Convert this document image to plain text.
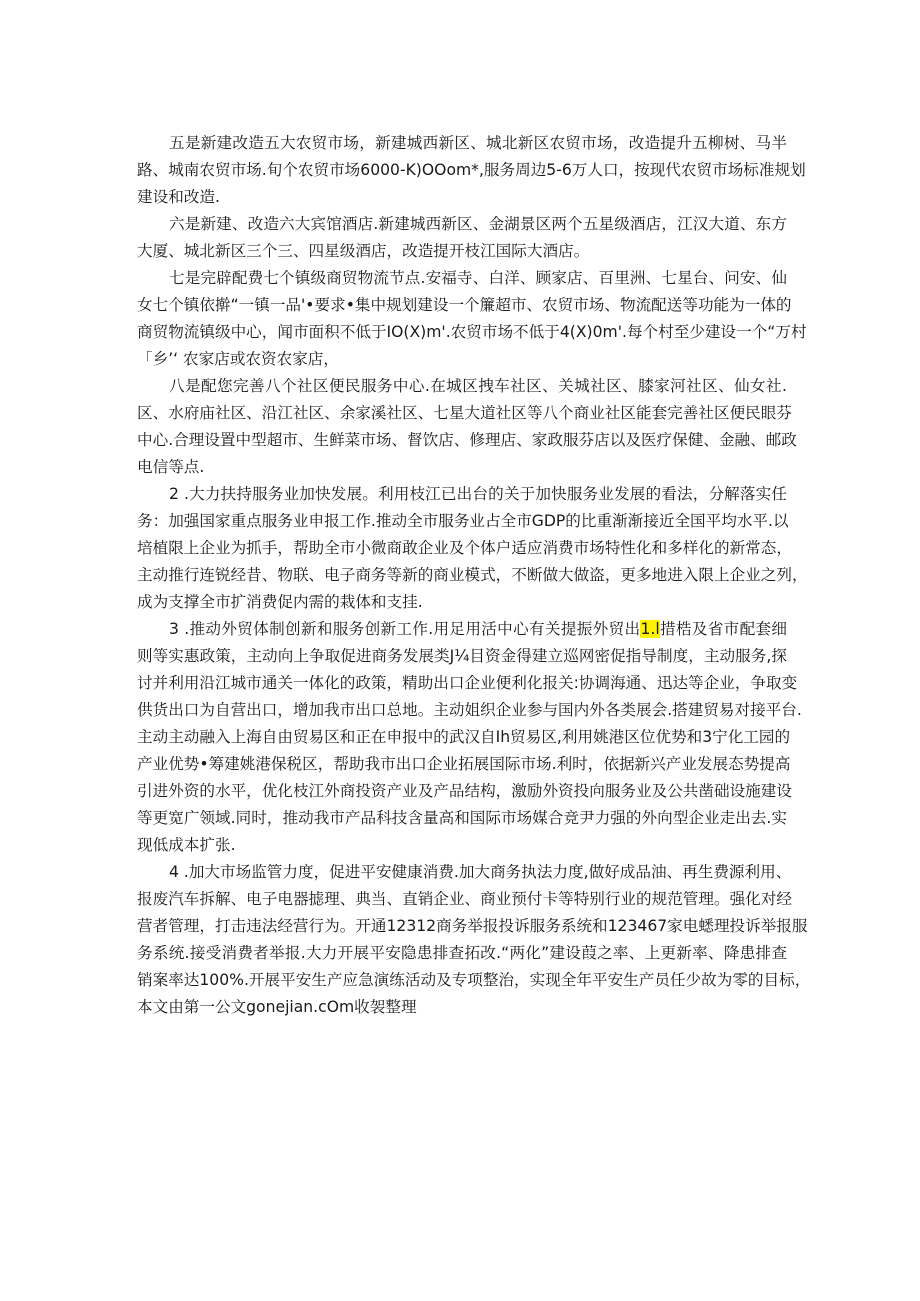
五是新建改造五大农贸市场，新建城西新区、城北新区农贸市场，改造提升五柳树、马半
路、城南农贸市场.旬个农贸市场6000-K)OOom*,服务周边5-6万人口，按现代农贸市场标准规划
建设和改造.
六是新建、改造六大宾馆酒店.新建城西新区、金湖景区两个五星级酒店，江汉大道、东方
大厦、城北新区三个三、四星级酒店，改造提开枝江国际大酒店。
七是完辟配费七个镇级商贸物流节点.安福寺、白洋、顾家店、百里洲、七星台、问安、仙
女七个镇依擀“一镇一品'•要求•集中规划建设一个簾超市、农贸市场、物流配送等功能为一体的
商贸物流镇级中心，闻市面积不低于IO(X)m'.农贸市场不低于4(X)0m'.每个村至少建设一个“万村
「乡’‘ 农家店或农资农家店，
八是配您完善八个社区便民服务中心.在城区拽车社区、关城社区、膝家河社区、仙女社.
区、水府庙社区、沿江社区、余家溪社区、七星大道社区等八个商业社区能套完善社区便民眼芬
中心.合理设置中型超市、生鲜菜市场、督饮店、修理店、家政服芬店以及医疗保健、金融、邮政
电信等点.
2 .大力扶持服务业加快发展。利用枝江已出台的关于加快服务业发展的看法，分解落实任
务：加强国家重点服务业申报工作.推动全市服务业占全市GDP的比重渐渐接近全国平均水平.以
培植限上企业为抓手，帮助全市小微商敢企业及个体户适应消费市场特性化和多样化的新常态，
主动推行连锐经昔、物联、电子商务等新的商业模式，不断做大做盗，更多地进入限上企业之列，
成为支撑全市扩消费促内需的栽体和支挂.
3 .推动外贸体制创新和服务创新工作.用足用活中心有关提振外贸出1.l措梏及省市配套细
则等实惠政策，主动向上争取促进商务发展类J¼目资金得建立巡网密促指导制度，主动服务,探
讨并利用沿江城市通关一体化的政策，精助出口企业便利化报关:协调海通、迅达等企业，争取变
供货出口为自营出口，增加我市出口总地。主动姐织企业参与国内外各类展会.搭建贸易对接平台.
主动主动融入上海自由贸易区和正在申报中的武汉自Ih贸易区,利用姚港区位优势和3宁化工园的
产业优势•筹建姚港保税区，帮助我市出口企业拓展国际市场.利时，依据新兴产业发展态势提高
引进外资的水平，优化枝江外商投资产业及产品结构，激励外资投向服务业及公共凿础设施建设
等更宽广领域.同时，推动我市产品科技含量高和国际市场媒合竞尹力强的外向型企业走出去.实
现低成本扩张.
4 .加大市场监管力度，促进平安健康消费.加大商务执法力度,做好成品油、再生费源利用、
报废汽车拆解、电子电器摅理、典当、直销企业、商业预付卡等特别行业的规范管理。强化对经
营者管理，打击违法经营行为。开通12312商务举报投诉服务系统和123467家电蟋理投诉举报服
务系统.接受消费者举报.大力开展平安隐患排查拓改.“两化”建设葭之率、上更新率、降患排查
销案率达100%.开展平安生产应急演练活动及专项整治，实现全年平安生产员任少故为零的目标，
本文由第一公文gonejian.cOm收袈整理
